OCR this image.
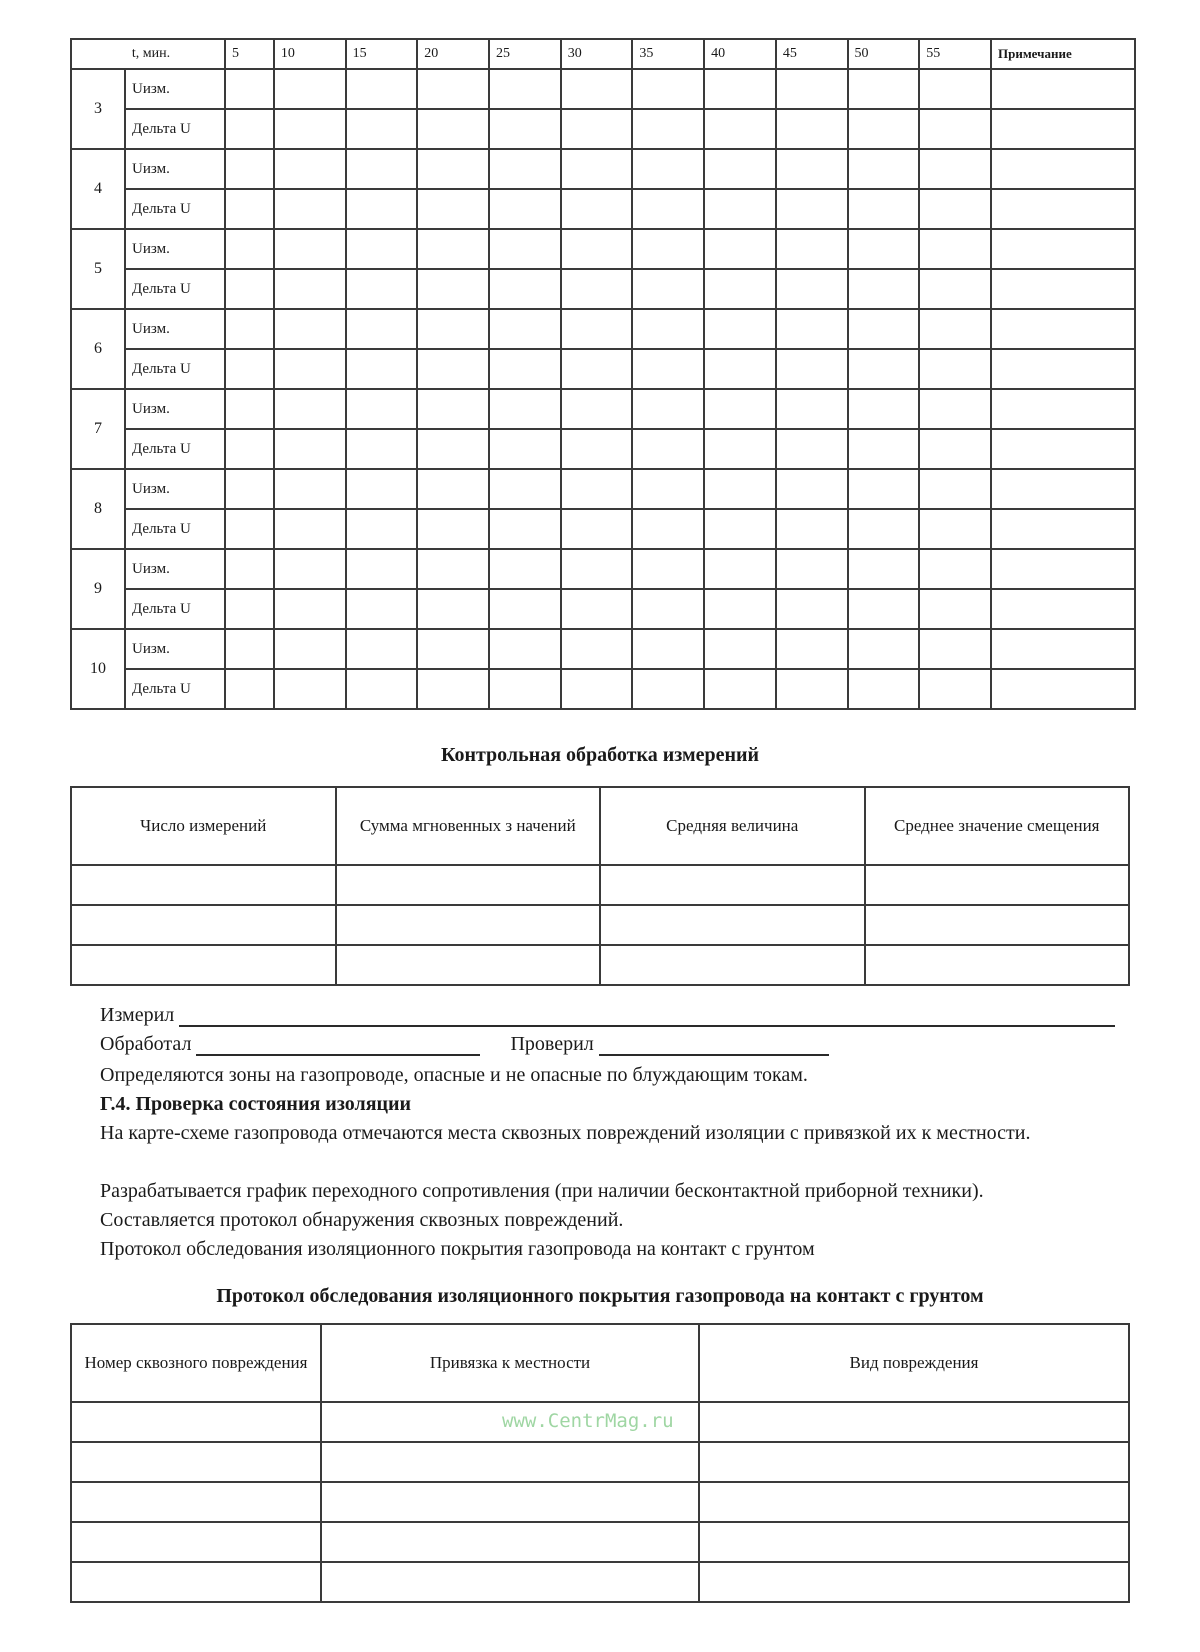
t, мин.		5	10	15	20	25	30	35	40	45	50	55	Примечание
3	Uизм.												
	Дельта U												
4	Uизм.												
	Дельта U												
5	Uизм.												
	Дельта U												
6	Uизм.												
	Дельта U												
7	Uизм.												
	Дельта U												
8	Uизм.												
	Дельта U												
9	Uизм.												
	Дельта U												
10	Uизм.												
	Дельта U												
Контрольная обработка измерений
Число измерений	Сумма мгновенных з начений	Средняя величина	Среднее значение смещения

Измерил
Обработал	Проверил
Определяются зоны на газопроводе, опасные и не опасные по блуждающим токам.
Г.4. Проверка состояния изоляции
На карте-схеме газопровода отмечаются места сквозных повреждений изоляции с привязкой их к местности.
Разрабатывается график переходного сопротивления (при наличии бесконтактной приборной техники).
Составляется протокол обнаружения сквозных повреждений.
Протокол обследования изоляционного покрытия газопровода на контакт с грунтом
Протокол обследования изоляционного покрытия газопровода на контакт с грунтом
Номер сквозного повреждения	Привязка к местности	Вид повреждения

www.CentrMag.ru
